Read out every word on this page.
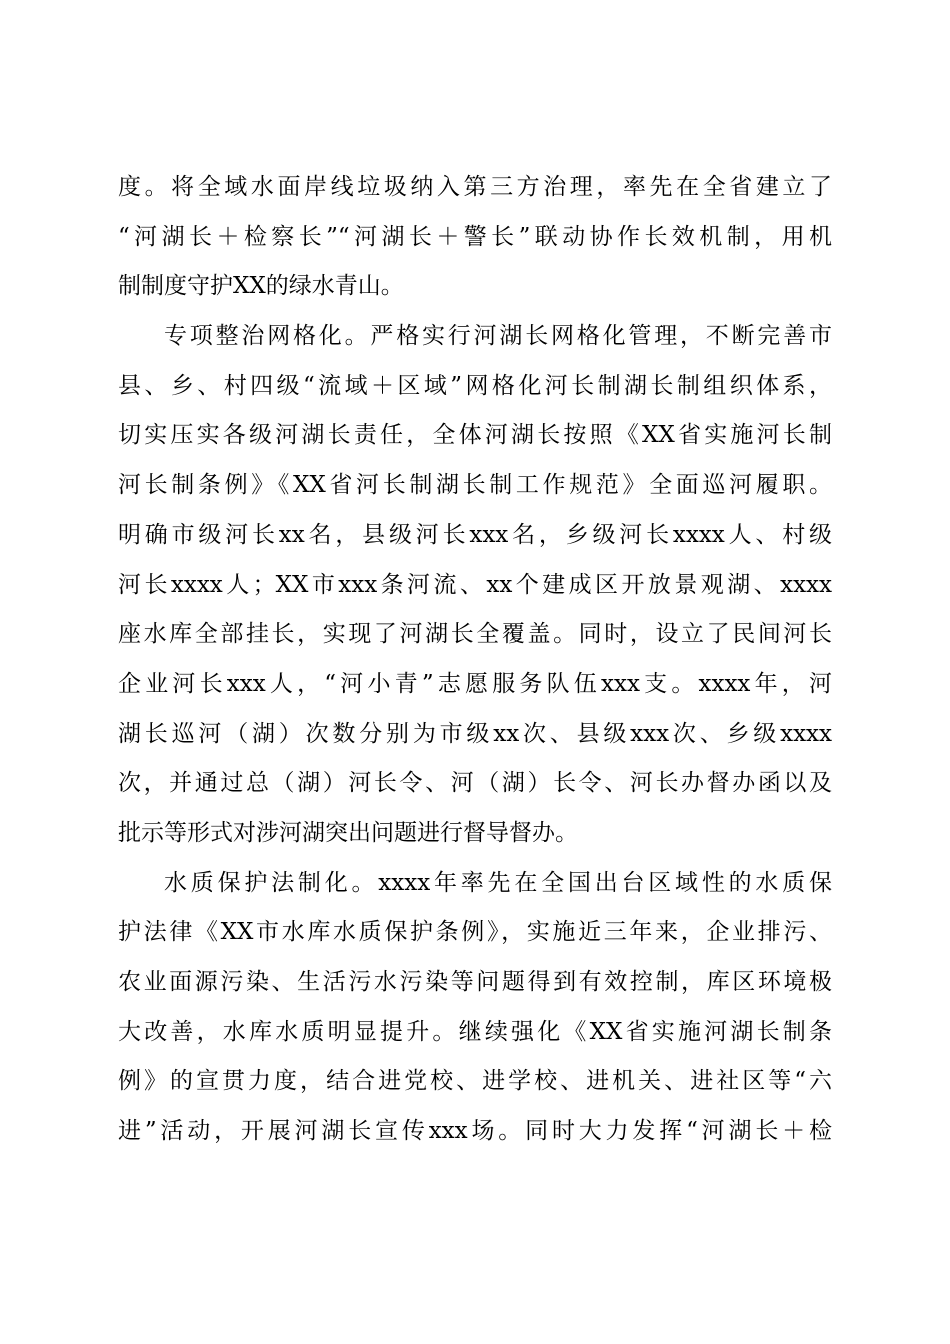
度。将全域水面岸线垃圾纳入第三方治理，率先在全省建立了
“河湖长＋检察长”“河湖长＋警长”联动协作长效机制，用机
制制度守护XX的绿水青山。
专项整治网格化。严格实行河湖长网格化管理，不断完善市
县、乡、村四级“流域＋区域”网格化河长制湖长制组织体系，
切实压实各级河湖长责任，全体河湖长按照《XX省实施河长制
河长制条例》《XX省河长制湖长制工作规范》全面巡河履职。
明确市级河长xx名，县级河长xxx名，乡级河长xxxx人、村级
河长xxxx人；XX市xxx条河流、xx个建成区开放景观湖、xxxx
座水库全部挂长，实现了河湖长全覆盖。同时，设立了民间河长
企业河长xxx人，“河小青”志愿服务队伍xxx支。xxxx年，河
湖长巡河（湖）次数分别为市级xx次、县级xxx次、乡级xxxx
次，并通过总（湖）河长令、河（湖）长令、河长办督办函以及
批示等形式对涉河湖突出问题进行督导督办。
水质保护法制化。xxxx年率先在全国出台区域性的水质保
护法律《XX市水库水质保护条例》，实施近三年来，企业排污、
农业面源污染、生活污水污染等问题得到有效控制，库区环境极
大改善，水库水质明显提升。继续强化《XX省实施河湖长制条
例》的宣贯力度，结合进党校、进学校、进机关、进社区等“六
进”活动，开展河湖长宣传xxx场。同时大力发挥“河湖长＋检
